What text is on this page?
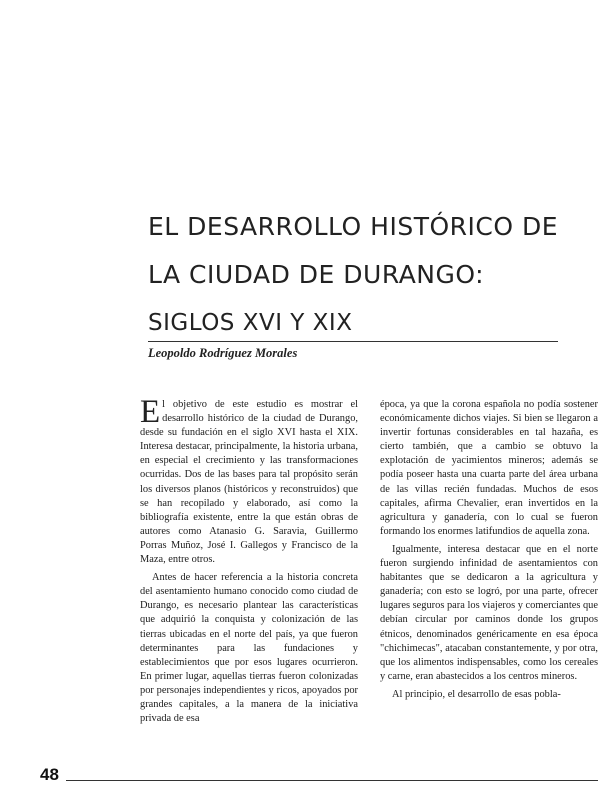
EL DESARROLLO HISTÓRICO DE
LA CIUDAD DE DURANGO:
SIGLOS XVI Y XIX
Leopoldo Rodríguez Morales

El objetivo de este estudio es mostrar el desarrollo histórico de la ciudad de Durango, desde su fundación en el siglo XVI hasta el XIX. Interesa destacar, principalmente, la historia urbana, en especial el crecimiento y las transformaciones ocurridas. Dos de las bases para tal propósito serán los diversos planos (históricos y reconstruidos) que se han recopilado y elaborado, así como la bibliografía existente, entre la que están obras de autores como Atanasio G. Saravia, Guillermo Porras Muñoz, José I. Gallegos y Francisco de la Maza, entre otros.

Antes de hacer referencia a la historia concreta del asentamiento humano conocido como ciudad de Durango, es necesario plantear las características que adquirió la conquista y colonización de las tierras ubicadas en el norte del país, ya que fueron determinantes para las fundaciones y establecimientos que por esos lugares ocurrieron. En primer lugar, aquellas tierras fueron colonizadas por personajes independientes y ricos, apoyados por grandes capitales, a la manera de la iniciativa privada de esa

época, ya que la corona española no podía sostener económicamente dichos viajes. Si bien se llegaron a invertir fortunas considerables en tal hazaña, es cierto también, que a cambio se obtuvo la explotación de yacimientos mineros; además se podía poseer hasta una cuarta parte del área urbana de las villas recién fundadas. Muchos de esos capitales, afirma Chevalier, eran invertidos en la agricultura y ganadería, con lo cual se fueron formando los enormes latifundios de aquella zona.

Igualmente, interesa destacar que en el norte fueron surgiendo infinidad de asentamientos con habitantes que se dedicaron a la agricultura y ganadería; con esto se logró, por una parte, ofrecer lugares seguros para los viajeros y comerciantes que debían circular por caminos donde los grupos étnicos, denominados genéricamente en esa época "chichimecas", atacaban constantemente, y por otra, que los alimentos indispensables, como los cereales y carne, eran abastecidos a los centros mineros.

Al principio, el desarrollo de esas pobla-

48
